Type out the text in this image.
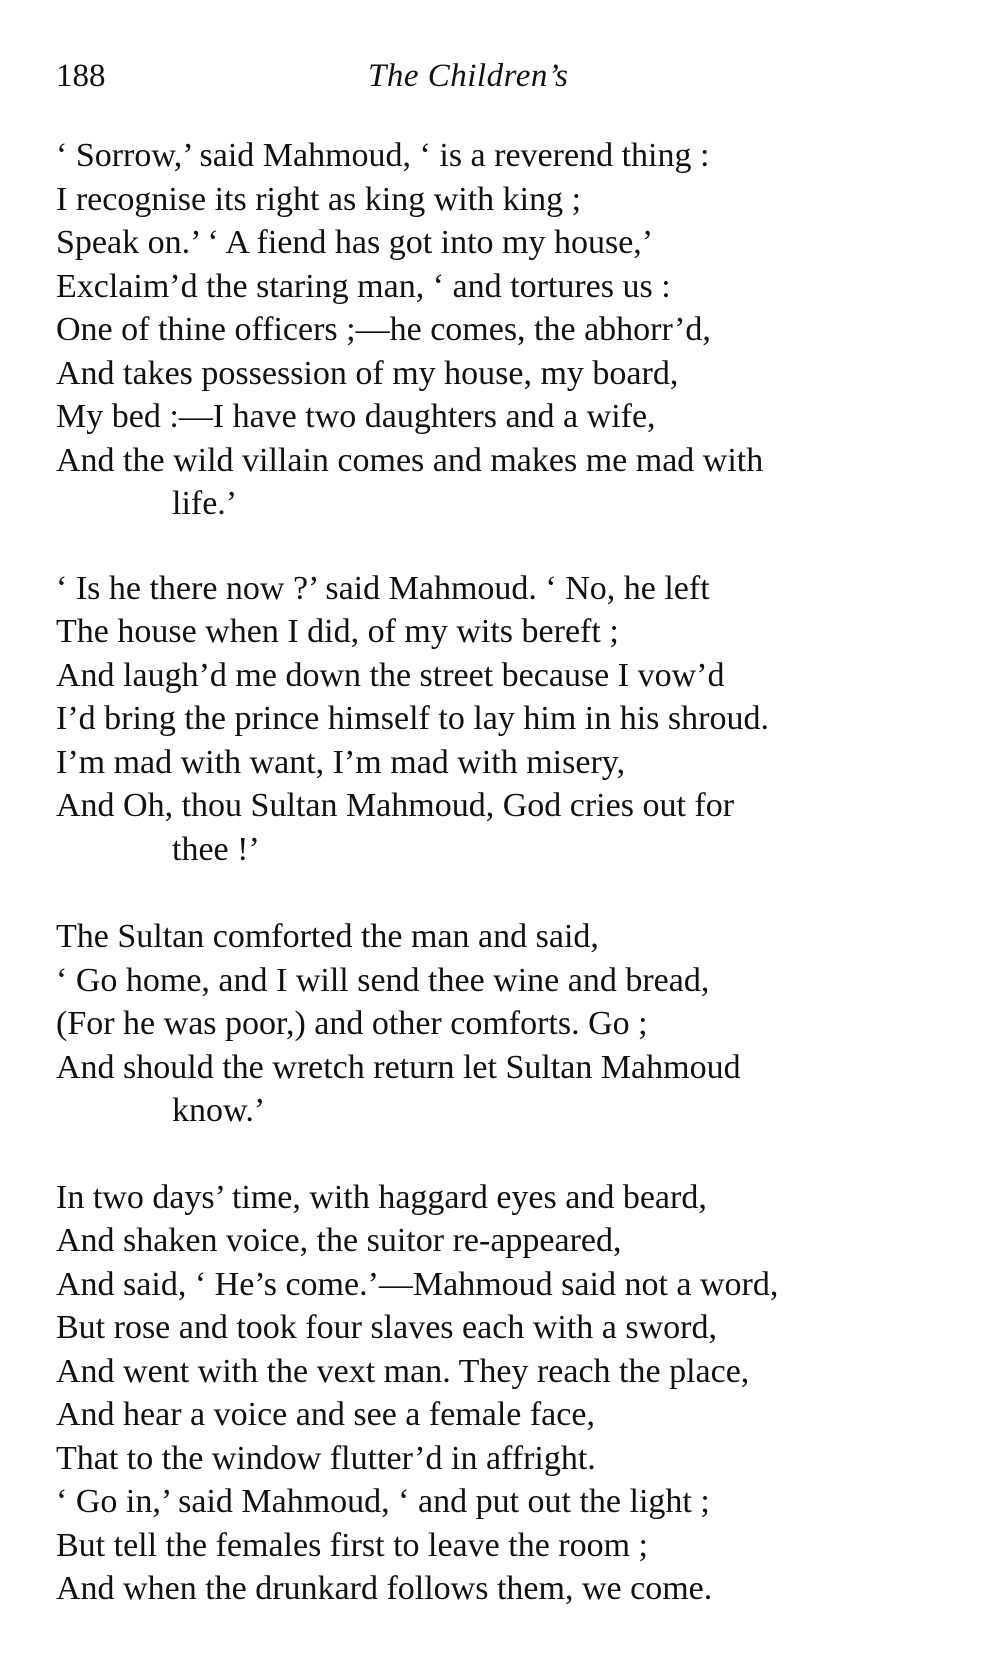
188	The Children’s
‘ Sorrow,’ said Mahmoud, ‘ is a reverend thing :
I recognise its right as king with king ;
Speak on.’ ‘ A fiend has got into my house,’
Exclaim’d the staring man, ‘ and tortures us :
One of thine officers ;—he comes, the abhorr’d,
And takes possession of my house, my board,
My bed :—I have two daughters and a wife,
And the wild villain comes and makes me mad with
life.’
‘ Is he there now ?’ said Mahmoud. ‘ No, he left
The house when I did, of my wits bereft ;
And laugh’d me down the street because I vow’d
I’d bring the prince himself to lay him in his shroud.
I’m mad with want, I’m mad with misery,
And Oh, thou Sultan Mahmoud, God cries out for
thee !’
The Sultan comforted the man and said,
‘ Go home, and I will send thee wine and bread,
(For he was poor,) and other comforts. Go ;
And should the wretch return let Sultan Mahmoud
know.’
In two days’ time, with haggard eyes and beard,
And shaken voice, the suitor re-appeared,
And said, ‘ He’s come.’—Mahmoud said not a word,
But rose and took four slaves each with a sword,
And went with the vext man. They reach the place,
And hear a voice and see a female face,
That to the window flutter’d in affright.
‘ Go in,’ said Mahmoud, ‘ and put out the light ;
But tell the females first to leave the room ;
And when the drunkard follows them, we come.
